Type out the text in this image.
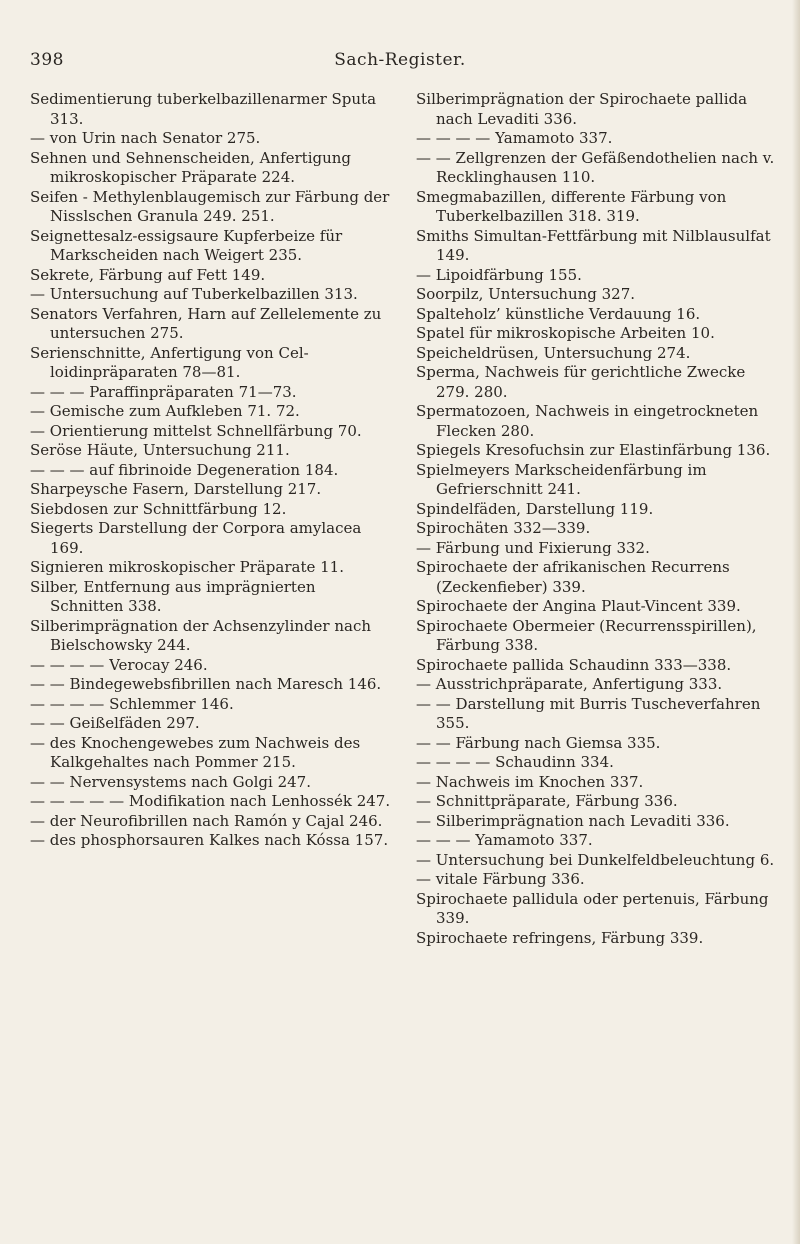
398	Sach-Register.

Sedimentierung tuberkelbazillenarmer Sputa 313.

— von Urin nach Senator 275.

Sehnen und Sehnenscheiden, Anfertigung mikroskopischer Präparate 224.

Seifen - Methylenblaugemisch zur Färbung der Nisslschen Granula 249. 251.

Seignettesalz-essigsaure Kupferbeize für Markscheiden nach Weigert 235.

Sekrete, Färbung auf Fett 149.

— Untersuchung auf Tuberkelbazillen 313.

Senators Verfahren, Harn auf Zellelemente zu untersuchen 275.

Serienschnitte, Anfertigung von Celloidinpräparaten 78—81.

— — — Paraffinpräparaten 71—73.

— Gemische zum Aufkleben 71. 72.

— Orientierung mittelst Schnellfärbung 70.

Seröse Häute, Untersuchung 211.

— — — auf fibrinoide Degeneration 184.

Sharpeysche Fasern, Darstellung 217.

Siebdosen zur Schnittfärbung 12.

Siegerts Darstellung der Corpora amylacea 169.

Signieren mikroskopischer Präparate 11.

Silber, Entfernung aus imprägnierten Schnitten 338.

Silberimprägnation der Achsenzylinder nach Bielschowsky 244.

— — — — Verocay 246.

— — Bindegewebsfibrillen nach Maresch 146.

— — — — Schlemmer 146.

— — Geißelfäden 297.

— des Knochengewebes zum Nachweis des Kalkgehaltes nach Pommer 215.

— — Nervensystems nach Golgi 247.

— — — — — Modifikation nach Lenhossék 247.

— der Neurofibrillen nach Ramón y Cajal 246.

— des phosphorsauren Kalkes nach Kóssa 157.

Silberimprägnation der Spirochaete pallida nach Levaditi 336.

— — — — Yamamoto 337.

— — Zellgrenzen der Gefäßendothelien nach v. Recklinghausen 110.

Smegmabazillen, differente Färbung von Tuberkelbazillen 318. 319.

Smiths Simultan-Fettfärbung mit Nilblausulfat 149.

— Lipoidfärbung 155.

Soorpilz, Untersuchung 327.

Spalteholz’ künstliche Verdauung 16.

Spatel für mikroskopische Arbeiten 10.

Speicheldrüsen, Untersuchung 274.

Sperma, Nachweis für gerichtliche Zwecke 279. 280.

Spermatozoen, Nachweis in eingetrockneten Flecken 280.

Spiegels Kresofuchsin zur Elastinfärbung 136.

Spielmeyers Markscheidenfärbung im Gefrierschnitt 241.

Spindelfäden, Darstellung 119.

Spirochäten 332—339.

— Färbung und Fixierung 332.

Spirochaete der afrikanischen Recurrens (Zeckenfieber) 339.

Spirochaete der Angina Plaut-Vincent 339.

Spirochaete Obermeier (Recurrensspirillen), Färbung 338.

Spirochaete pallida Schaudinn 333—338.

— Ausstrichpräparate, Anfertigung 333.

— — Darstellung mit Burris Tuscheverfahren 355.

— — Färbung nach Giemsa 335.

— — — — Schaudinn 334.

— Nachweis im Knochen 337.

— Schnittpräparate, Färbung 336.

— Silberimprägnation nach Levaditi 336.

— — — Yamamoto 337.

— Untersuchung bei Dunkelfeldbeleuchtung 6.

— vitale Färbung 336.

Spirochaete pallidula oder pertenuis, Färbung 339.

Spirochaete refringens, Färbung 339.
